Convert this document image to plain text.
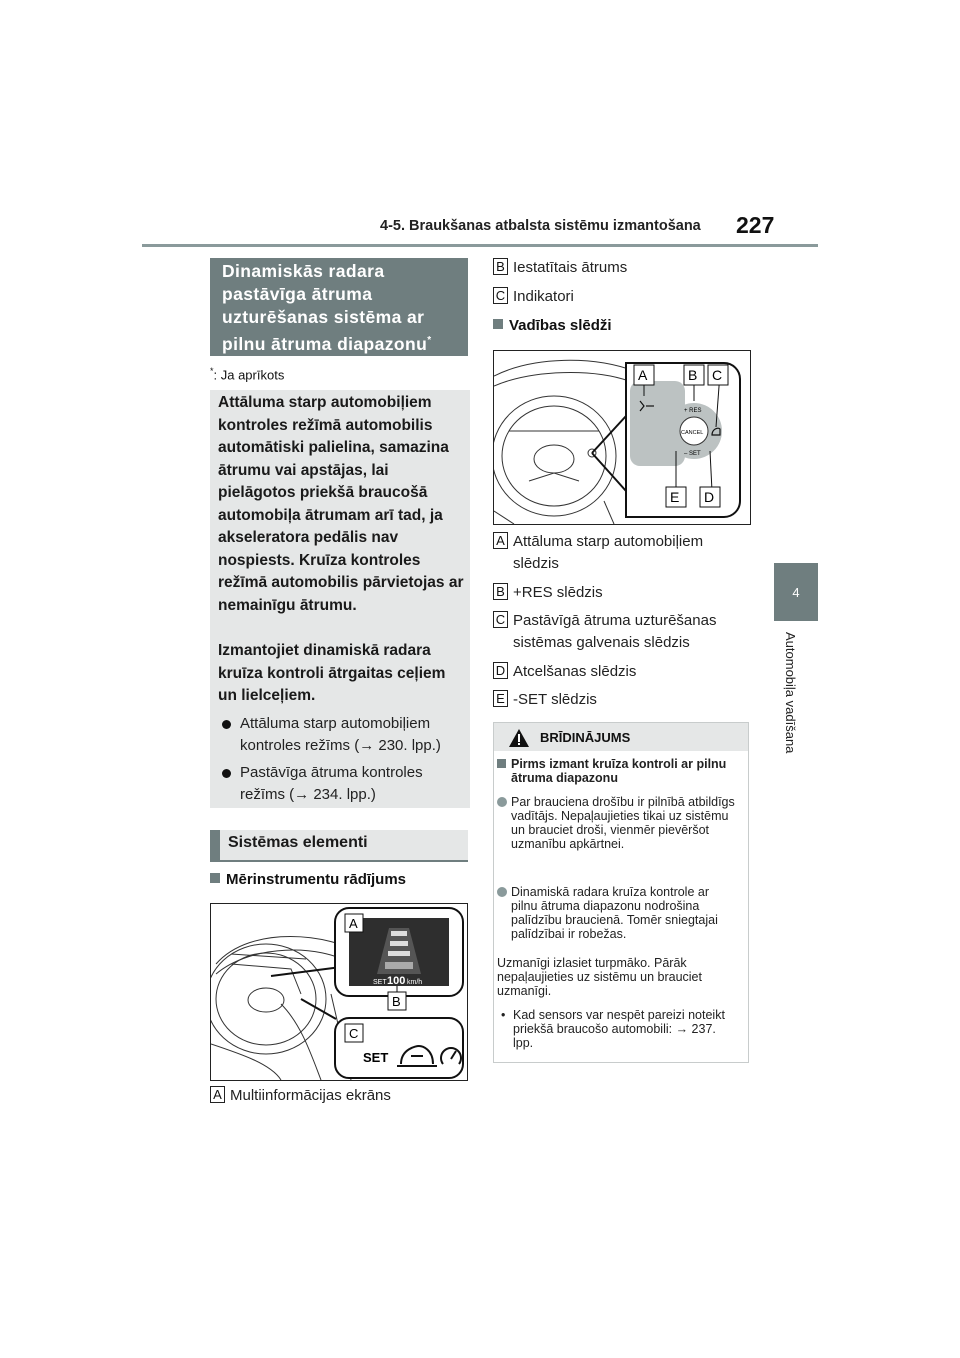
4-5. Braukšanas atbalsta sistēmu izmantošana 227
4
Automobiļa vadīšana
Dinamiskās radara pastāvīga ātruma uzturēšanas sistēma ar pilnu ātruma diapazonu*
*: Ja aprīkots
Attāluma starp automobiļiem kontroles režīmā automobilis automātiski palielina, samazina ātrumu vai apstājas, lai pielāgotos priekšā braucošā automobiļa ātrumam arī tad, ja akseleratora pedālis nav nospiests. Kruīza kontroles režīmā automobilis pārvietojas ar nemainīgu ātrumu.
Izmantojiet dinamiskā radara kruīza kontroli ātrgaitas ceļiem un lielceļiem.
Attāluma starp automobiļiem kontroles režīms (→ 230. lpp.)
Pastāvīga ātruma kontroles režīms (→ 234. lpp.)
Sistēmas elementi
Mērinstrumentu rādījums
SET 100 km/h
A
B
C
SET
A Multiinformācijas ekrāns
B Iestatītais ātrums
C Indikatori
Vadības slēdži
CANCEL
+ RES
– SET
A	B C
E D
A Attāluma starp automobiļiem slēdzis
B +RES slēdzis
C Pastāvīgā ātruma uzturēšanas sistēmas galvenais slēdzis
D Atcelšanas slēdzis
E -SET slēdzis
BRĪDINĀJUMS
Pirms izmant kruīza kontroli ar pilnu ātruma diapazonu
Par brauciena drošību ir pilnībā atbildīgs vadītājs. Nepaļaujieties tikai uz sistēmu un brauciet droši, vienmēr pievēršot uzmanību apkārtnei.
Dinamiskā radara kruīza kontrole ar pilnu ātruma diapazonu nodrošina palīdzību braucienā. Tomēr sniegtajai palīdzībai ir robežas.
Uzmanīgi izlasiet turpmāko. Pārāk nepaļaujieties uz sistēmu un brauciet uzmanīgi.
• Kad sensors var nespēt pareizi noteikt priekšā braucošo automobili: → 237. lpp.
